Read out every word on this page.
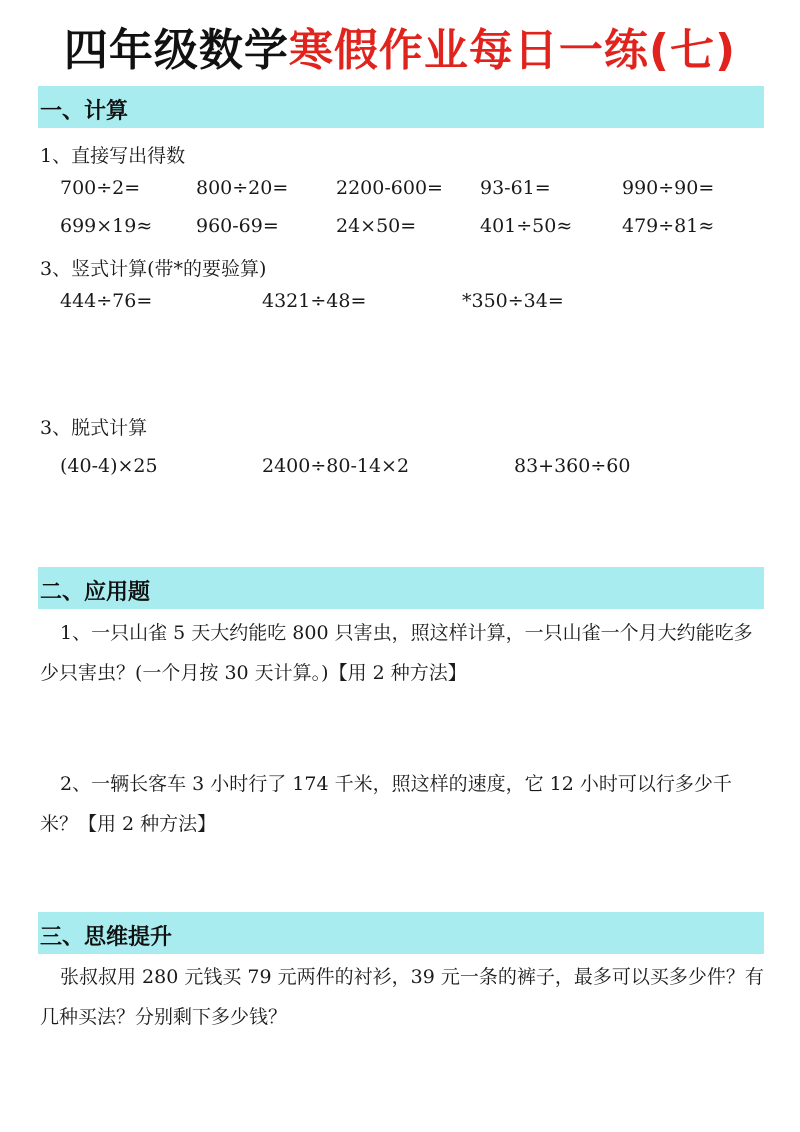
四年级数学寒假作业每日一练(七)
一、计算
1、直接写出得数
700÷2=	800÷20=	2200-600= 93-61=	990÷90=
699×19≈ 960-69=	24×50=	401÷50≈	479÷81≈
3、竖式计算(带*的要验算)
444÷76=	4321÷48=	*350÷34=
3、脱式计算
(40-4)×25	2400÷80-14×2	83+360÷60
二、应用题
1、一只山雀 5 天大约能吃 800 只害虫，照这样计算，一只山雀一个月大约能吃多少只害虫？(一个月按 30 天计算。)【用 2 种方法】
2、一辆长客车 3 小时行了 174 千米，照这样的速度，它 12 小时可以行多少千米？【用 2 种方法】
三、思维提升
张叔叔用 280 元钱买 79 元两件的衬衫，39 元一条的裤子，最多可以买多少件？有几种买法？分别剩下多少钱？
